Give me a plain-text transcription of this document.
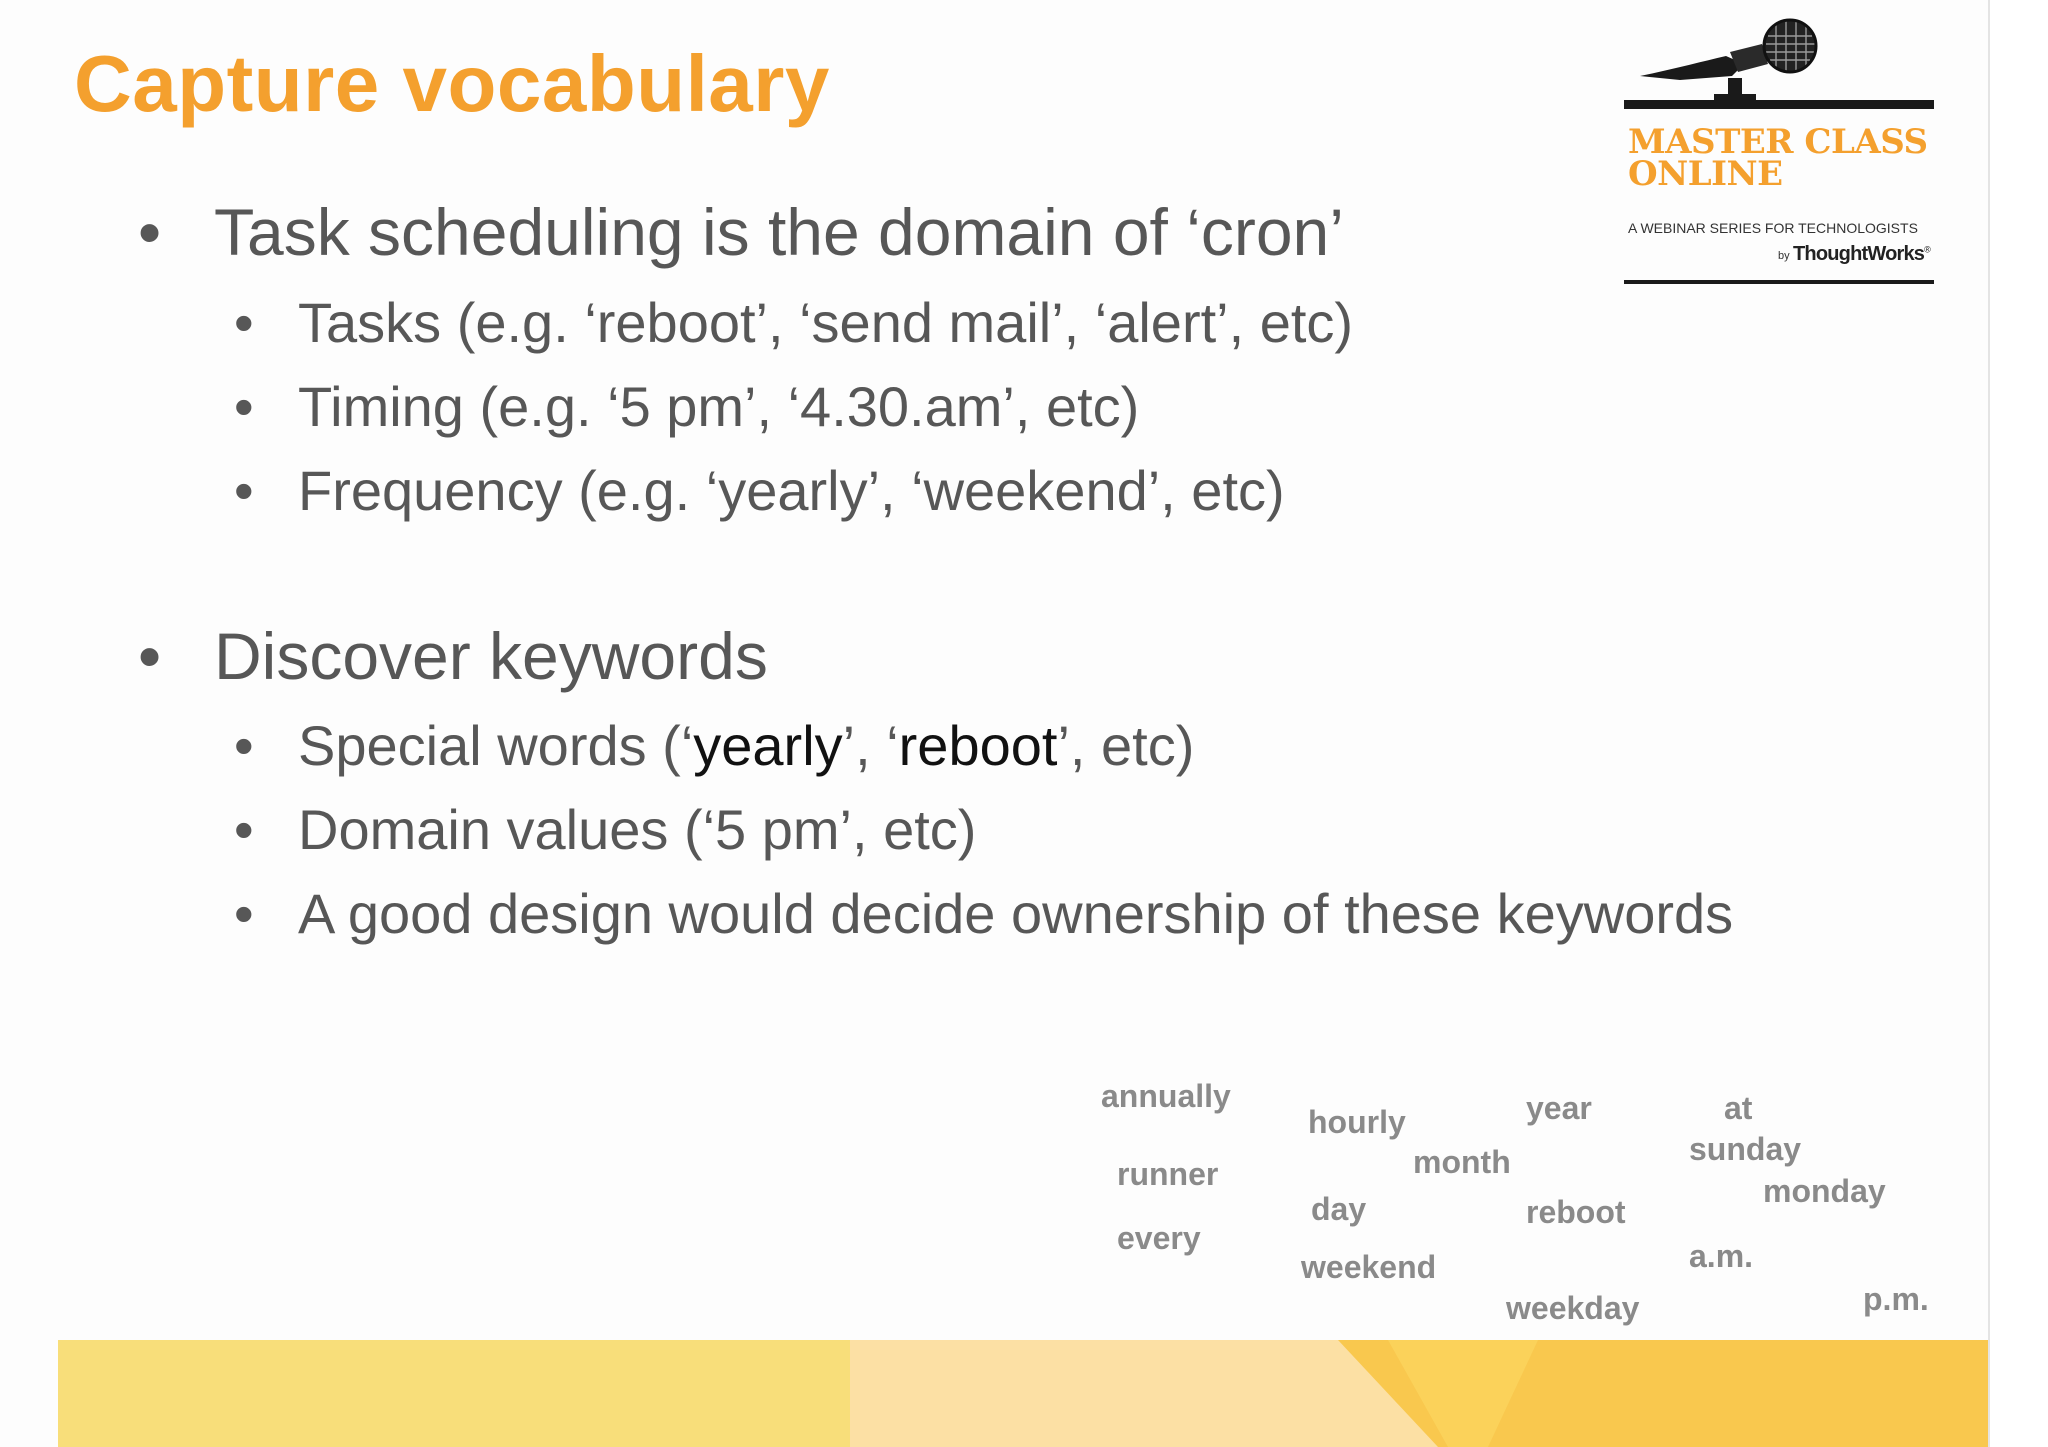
Capture vocabulary
• Task scheduling is the domain of ‘cron’
• Tasks (e.g. ‘reboot’, ‘send mail’, ‘alert’, etc)
• Timing (e.g. ‘5 pm’, ‘4.30.am’, etc)
• Frequency (e.g. ‘yearly’, ‘weekend’, etc)
• Discover keywords
• Special words (‘yearly’, ‘reboot’, etc)
• Domain values (‘5 pm’, etc)
• A good design would decide ownership of these keywords
MASTER CLASS
ONLINE
A WEBINAR SERIES FOR TECHNOLOGISTS
by ThoughtWorks®
annually
hourly	year	at
sunday
month
runner	monday
day	reboot
every	a.m.
weekend
weekday	p.m.
